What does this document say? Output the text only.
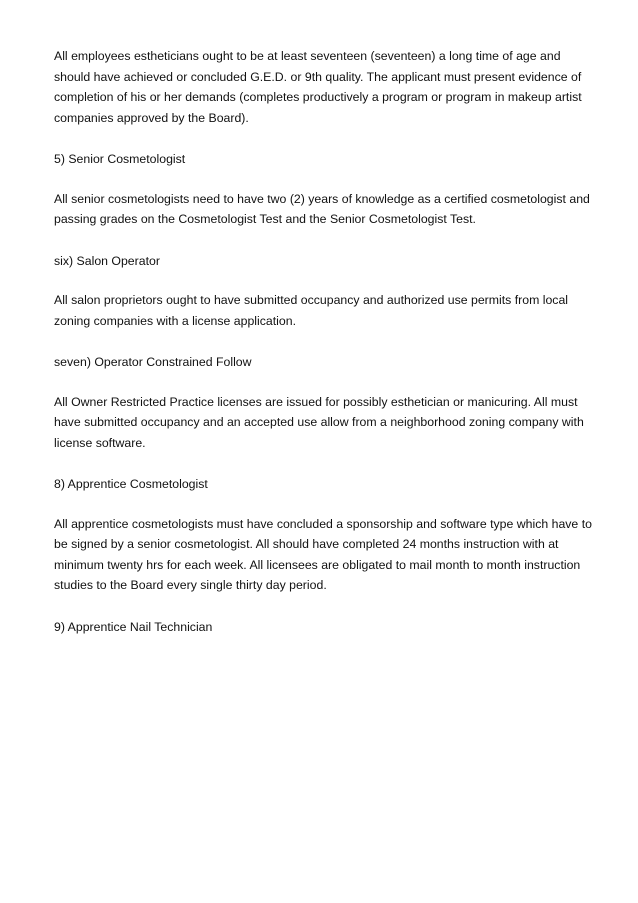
All employees estheticians ought to be at least seventeen (seventeen) a long time of age and should have achieved or concluded G.E.D. or 9th quality. The applicant must present evidence of completion of his or her demands (completes productively a program or program in makeup artist companies approved by the Board).

5) Senior Cosmetologist

All senior cosmetologists need to have two (2) years of knowledge as a certified cosmetologist and passing grades on the Cosmetologist Test and the Senior Cosmetologist Test.

six) Salon Operator

All salon proprietors ought to have submitted occupancy and authorized use permits from local zoning companies with a license application.

seven) Operator Constrained Follow

All Owner Restricted Practice licenses are issued for possibly esthetician or manicuring. All must have submitted occupancy and an accepted use allow from a neighborhood zoning company with license software.

8) Apprentice Cosmetologist

All apprentice cosmetologists must have concluded a sponsorship and software type which have to be signed by a senior cosmetologist. All should have completed 24 months instruction with at minimum twenty hrs for each week. All licensees are obligated to mail month to month instruction studies to the Board every single thirty day period.

9) Apprentice Nail Technician
